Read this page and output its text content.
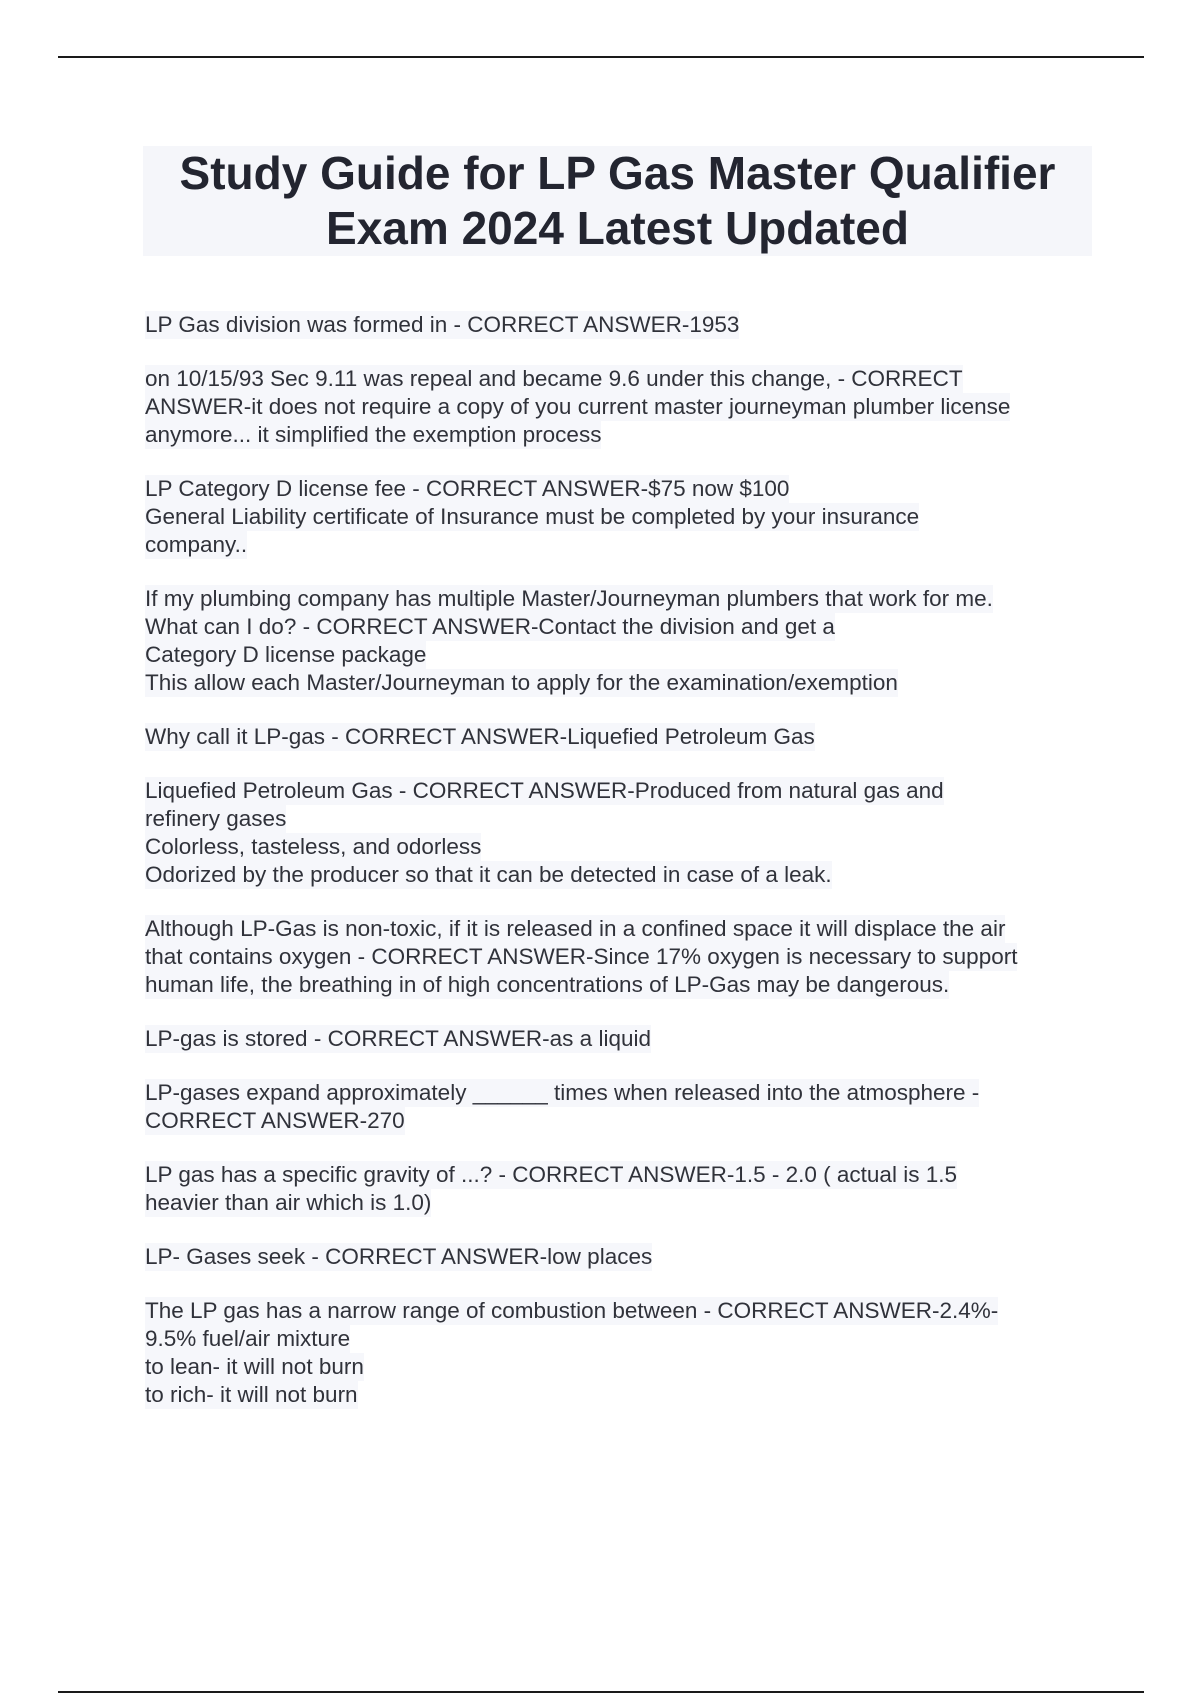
Study Guide for LP Gas Master Qualifier
Exam 2024 Latest Updated
LP Gas division was formed in - CORRECT ANSWER-1953
on 10/15/93 Sec 9.11 was repeal and became 9.6 under this change, - CORRECT
ANSWER-it does not require a copy of you current master journeyman plumber license
anymore... it simplified the exemption process
LP Category D license fee - CORRECT ANSWER-$75 now $100
General Liability certificate of Insurance must be completed by your insurance
company..
If my plumbing company has multiple Master/Journeyman plumbers that work for me.
What can I do? - CORRECT ANSWER-Contact the division and get a
Category D license package
This allow each Master/Journeyman to apply for the examination/exemption
Why call it LP-gas - CORRECT ANSWER-Liquefied Petroleum Gas
Liquefied Petroleum Gas - CORRECT ANSWER-Produced from natural gas and
refinery gases
Colorless, tasteless, and odorless
Odorized by the producer so that it can be detected in case of a leak.
Although LP-Gas is non-toxic, if it is released in a confined space it will displace the air
that contains oxygen - CORRECT ANSWER-Since 17% oxygen is necessary to support
human life, the breathing in of high concentrations of LP-Gas may be dangerous.
LP-gas is stored - CORRECT ANSWER-as a liquid
LP-gases expand approximately ______ times when released into the atmosphere -
CORRECT ANSWER-270
LP gas has a specific gravity of ...? - CORRECT ANSWER-1.5 - 2.0 ( actual is 1.5
heavier than air which is 1.0)
LP- Gases seek - CORRECT ANSWER-low places
The LP gas has a narrow range of combustion between - CORRECT ANSWER-2.4%-
9.5% fuel/air mixture
to lean- it will not burn
to rich- it will not burn
